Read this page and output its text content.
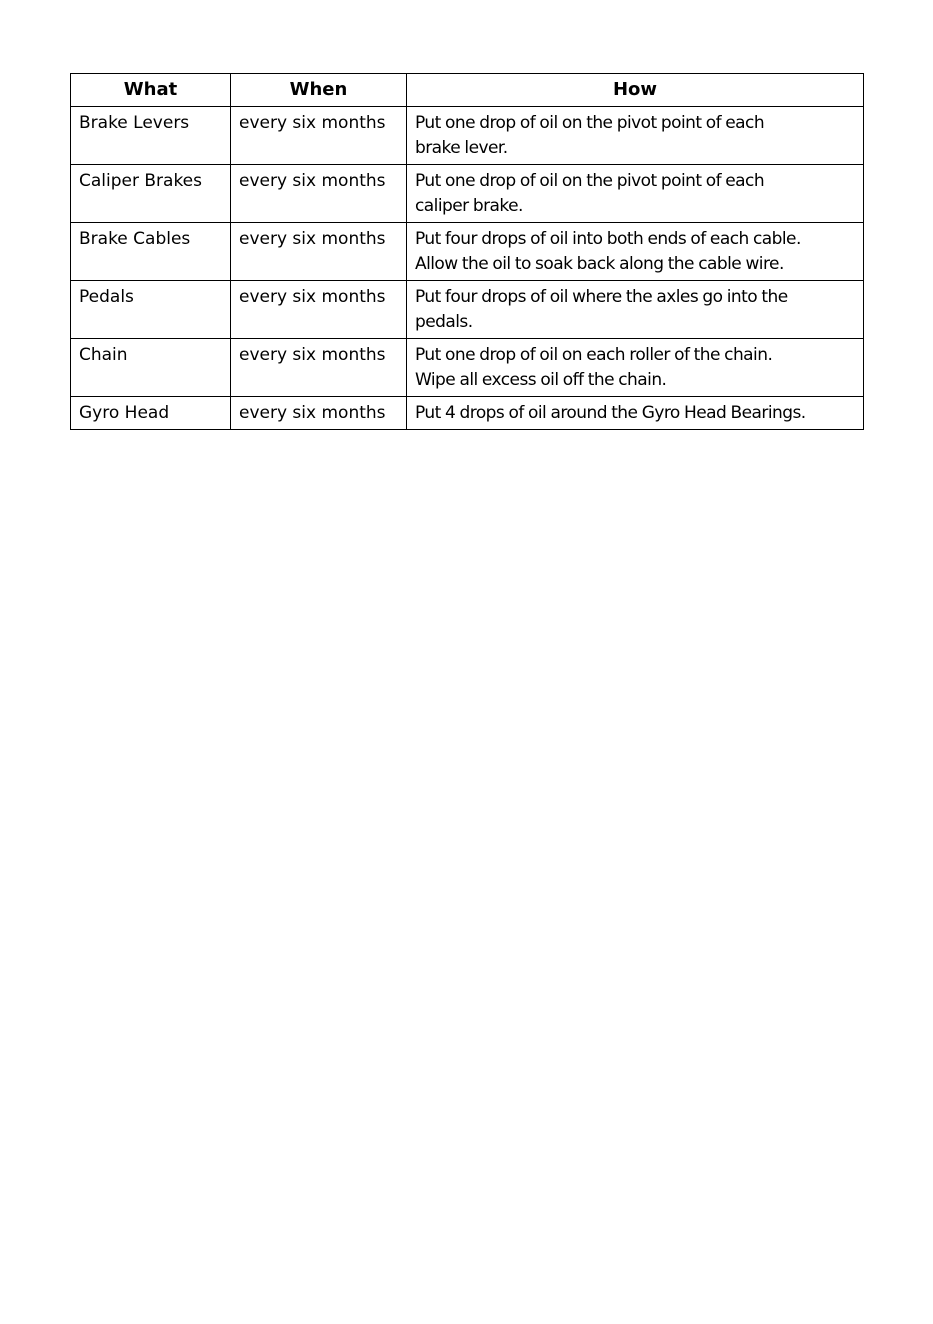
What	When	How
Brake Levers	every six months	Put one drop of oil on the pivot point of each
brake lever.

Caliper Brakes	every six months	Put one drop of oil on the pivot point of each
caliper brake.

Brake Cables	every six months	Put four drops of oil into both ends of each cable.
Allow the oil to soak back along the cable wire.

Pedals	every six months	Put four drops of oil where the axles go into the
pedals.

Chain	every six months	Put one drop of oil on each roller of the chain.
Wipe all excess oil off the chain.

Gyro Head	every six months	Put 4 drops of oil around the Gyro Head Bearings.
